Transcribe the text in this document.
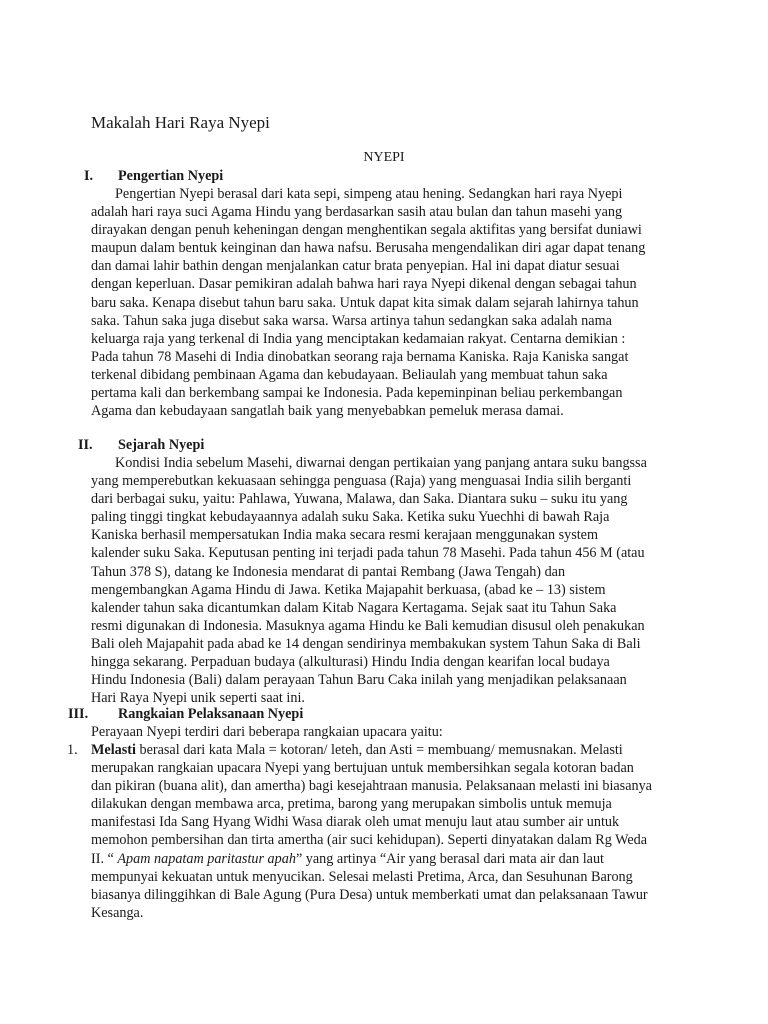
Makalah Hari Raya Nyepi
NYEPI
I. Pengertian Nyepi

Pengertian Nyepi berasal dari kata sepi, simpeng atau hening. Sedangkan hari raya Nyepi adalah hari raya suci Agama Hindu yang berdasarkan sasih atau bulan dan tahun masehi yang dirayakan dengan penuh keheningan dengan menghentikan segala aktifitas yang bersifat duniawi maupun dalam bentuk keinginan dan hawa nafsu. Berusaha mengendalikan diri agar dapat tenang dan damai lahir bathin dengan menjalankan catur brata penyepian. Hal ini dapat diatur sesuai dengan keperluan. Dasar pemikiran adalah bahwa hari raya Nyepi dikenal dengan sebagai tahun baru saka. Kenapa disebut tahun baru saka. Untuk dapat kita simak dalam sejarah lahirnya tahun saka. Tahun saka juga disebut saka warsa. Warsa artinya tahun sedangkan saka adalah nama keluarga raja yang terkenal di India yang menciptakan kedamaian rakyat. Centarna demikian : Pada tahun 78 Masehi di India dinobatkan seorang raja bernama Kaniska. Raja Kaniska sangat terkenal dibidang pembinaan Agama dan kebudayaan. Beliaulah yang membuat tahun saka pertama kali dan berkembang sampai ke Indonesia. Pada kepeminpinan beliau perkembangan Agama dan kebudayaan sangatlah baik yang menyebabkan pemeluk merasa damai.

II. Sejarah Nyepi

Kondisi India sebelum Masehi, diwarnai dengan pertikaian yang panjang antara suku bangssa yang memperebutkan kekuasaan sehingga penguasa (Raja) yang menguasai India silih berganti dari berbagai suku, yaitu: Pahlawa, Yuwana, Malawa, dan Saka. Diantara suku – suku itu yang paling tinggi tingkat kebudayaannya adalah suku Saka. Ketika suku Yuechhi di bawah Raja Kaniska berhasil mempersatukan India maka secara resmi kerajaan menggunakan system kalender suku Saka. Keputusan penting ini terjadi pada tahun 78 Masehi. Pada tahun 456 M (atau Tahun 378 S), datang ke Indonesia mendarat di pantai Rembang (Jawa Tengah) dan mengembangkan Agama Hindu di Jawa. Ketika Majapahit berkuasa, (abad ke – 13) sistem kalender tahun saka dicantumkan dalam Kitab Nagara Kertagama. Sejak saat itu Tahun Saka resmi digunakan di Indonesia. Masuknya agama Hindu ke Bali kemudian disusul oleh penakukan Bali oleh Majapahit pada abad ke 14 dengan sendirinya membakukan system Tahun Saka di Bali hingga sekarang. Perpaduan budaya (alkulturasi) Hindu India dengan kearifan local budaya Hindu Indonesia (Bali) dalam perayaan Tahun Baru Caka inilah yang menjadikan pelaksanaan Hari Raya Nyepi unik seperti saat ini.

III. Rangkaian Pelaksanaan Nyepi

Perayaan Nyepi terdiri dari beberapa rangkaian upacara yaitu:

1. Melasti berasal dari kata Mala = kotoran/ leteh, dan Asti = membuang/ memusnakan. Melasti merupakan rangkaian upacara Nyepi yang bertujuan untuk membersihkan segala kotoran badan dan pikiran (buana alit), dan amertha) bagi kesejahtraan manusia. Pelaksanaan melasti ini biasanya dilakukan dengan membawa arca, pretima, barong yang merupakan simbolis untuk memuja manifestasi Ida Sang Hyang Widhi Wasa diarak oleh umat menuju laut atau sumber air untuk memohon pembersihan dan tirta amertha (air suci kehidupan). Seperti dinyatakan dalam Rg Weda II. “ Apam napatam paritastur apah” yang artinya “Air yang berasal dari mata air dan laut mempunyai kekuatan untuk menyucikan. Selesai melasti Pretima, Arca, dan Sesuhunan Barong biasanya dilinggihkan di Bale Agung (Pura Desa) untuk memberkati umat dan pelaksanaan Tawur Kesanga.
